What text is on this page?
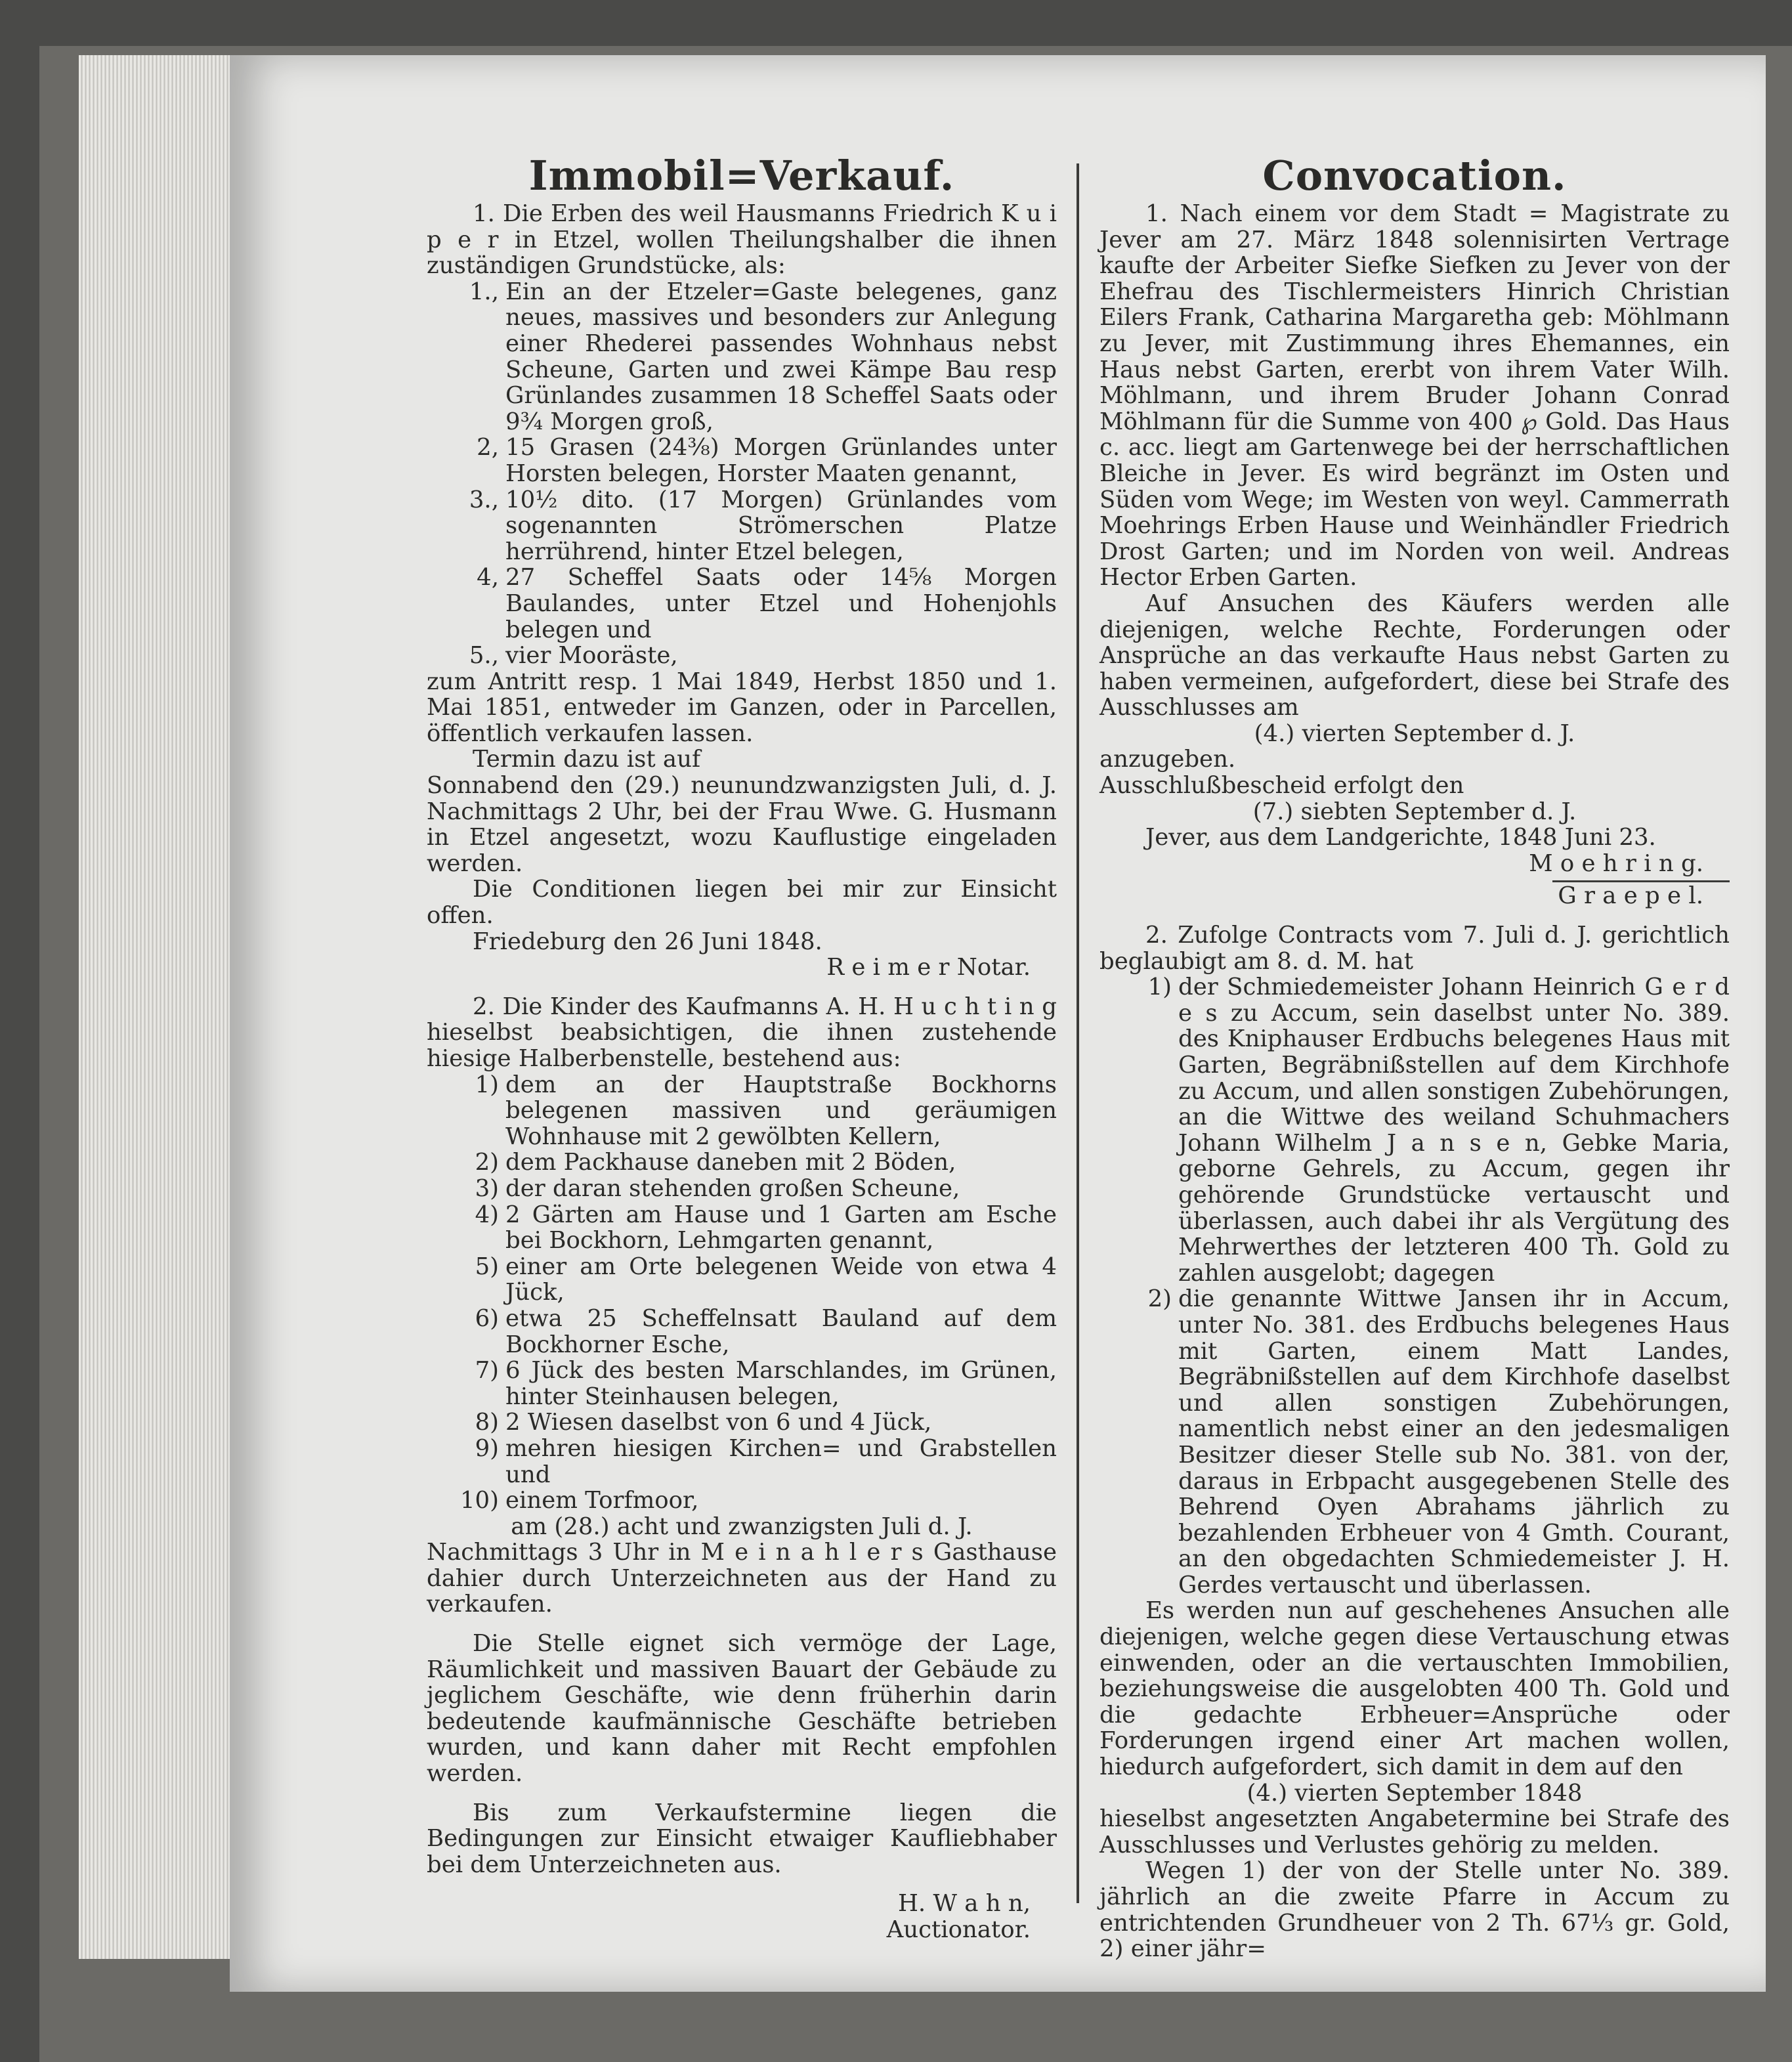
Immobil=Verkauf.

1. Die Erben des weil Hausmanns Friedrich K u i p e r in Etzel, wollen Theilungshalber die ihnen zuständigen Grundstücke, als:

1., Ein an der Etzeler=Gaste belegenes, ganz neues, massives und besonders zur Anlegung einer Rhederei passendes Wohnhaus nebst Scheune, Garten und zwei Kämpe Bau resp Grünlandes zusammen 18 Scheffel Saats oder 9¾ Morgen groß,
2, 15 Grasen (24⅜) Morgen Grünlandes unter Horsten belegen, Horster Maaten genannt,
3., 10½ dito. (17 Morgen) Grünlandes vom sogenannten Strömerschen Platze herrührend, hinter Etzel belegen,
4, 27 Scheffel Saats oder 14⅝ Morgen Baulandes, unter Etzel und Hohenjohls belegen und
5., vier Mooräste,

zum Antritt resp. 1 Mai 1849, Herbst 1850 und 1. Mai 1851, entweder im Ganzen, oder in Parcellen, öffentlich verkaufen lassen.

Termin dazu ist auf

Sonnabend den (29.) neunundzwanzigsten Juli, d. J. Nachmittags 2 Uhr, bei der Frau Wwe. G. Husmann in Etzel angesetzt, wozu Kauflustige eingeladen werden.

Die Conditionen liegen bei mir zur Einsicht offen.

Friedeburg den 26 Juni 1848.

R e i m e r Notar.

2. Die Kinder des Kaufmanns A. H. H u c h t i n g hieselbst beabsichtigen, die ihnen zustehende hiesige Halberbenstelle, bestehend aus:

1) dem an der Hauptstraße Bockhorns belegenen massiven und geräumigen Wohnhause mit 2 gewölbten Kellern,
2) dem Packhause daneben mit 2 Böden,
3) der daran stehenden großen Scheune,
4) 2 Gärten am Hause und 1 Garten am Esche bei Bockhorn, Lehmgarten genannt,
5) einer am Orte belegenen Weide von etwa 4 Jück,
6) etwa 25 Scheffelnsatt Bauland auf dem Bockhorner Esche,
7) 6 Jück des besten Marschlandes, im Grünen, hinter Steinhausen belegen,
8) 2 Wiesen daselbst von 6 und 4 Jück,
9) mehren hiesigen Kirchen= und Grabstellen und
10) einem Torfmoor,

am (28.) acht und zwanzigsten Juli d. J.

Nachmittags 3 Uhr in M e i n a h l e r s Gasthause dahier durch Unterzeichneten aus der Hand zu verkaufen.

Die Stelle eignet sich vermöge der Lage, Räumlichkeit und massiven Bauart der Gebäude zu jeglichem Geschäfte, wie denn früherhin darin bedeutende kaufmännische Geschäfte betrieben wurden, und kann daher mit Recht empfohlen werden.

Bis zum Verkaufstermine liegen die Bedingungen zur Einsicht etwaiger Kaufliebhaber bei dem Unterzeichneten aus.

H. W a h n,

Auctionator.

Convocation.

1. Nach einem vor dem Stadt = Magistrate zu Jever am 27. März 1848 solennisirten Vertrage kaufte der Arbeiter Siefke Siefken zu Jever von der Ehefrau des Tischlermeisters Hinrich Christian Eilers Frank, Catharina Margaretha geb: Möhlmann zu Jever, mit Zustimmung ihres Ehemannes, ein Haus nebst Garten, ererbt von ihrem Vater Wilh. Möhlmann, und ihrem Bruder Johann Conrad Möhlmann für die Summe von 400 ℘ Gold. Das Haus c. acc. liegt am Gartenwege bei der herrschaftlichen Bleiche in Jever. Es wird begränzt im Osten und Süden vom Wege; im Westen von weyl. Cammerrath Moehrings Erben Hause und Weinhändler Friedrich Drost Garten; und im Norden von weil. Andreas Hector Erben Garten.

Auf Ansuchen des Käufers werden alle diejenigen, welche Rechte, Forderungen oder Ansprüche an das verkaufte Haus nebst Garten zu haben vermeinen, aufgefordert, diese bei Strafe des Ausschlusses am

(4.) vierten September d. J.

anzugeben.

Ausschlußbescheid erfolgt den

(7.) siebten September d. J.

Jever, aus dem Landgerichte, 1848 Juni 23.

M o e h r i n g.

G r a e p e l.

2. Zufolge Contracts vom 7. Juli d. J. gerichtlich beglaubigt am 8. d. M. hat

1) der Schmiedemeister Johann Heinrich G e r d e s zu Accum, sein daselbst unter No. 389. des Kniphauser Erdbuchs belegenes Haus mit Garten, Begräbnißstellen auf dem Kirchhofe zu Accum, und allen sonstigen Zubehörungen, an die Wittwe des weiland Schuhmachers Johann Wilhelm J a n s e n, Gebke Maria, geborne Gehrels, zu Accum, gegen ihr gehörende Grundstücke vertauscht und überlassen, auch dabei ihr als Vergütung des Mehrwerthes der letzteren 400 Th. Gold zu zahlen ausgelobt; dagegen
2) die genannte Wittwe Jansen ihr in Accum, unter No. 381. des Erdbuchs belegenes Haus mit Garten, einem Matt Landes, Begräbnißstellen auf dem Kirchhofe daselbst und allen sonstigen Zubehörungen, namentlich nebst einer an den jedesmaligen Besitzer dieser Stelle sub No. 381. von der, daraus in Erbpacht ausgegebenen Stelle des Behrend Oyen Abrahams jährlich zu bezahlenden Erbheuer von 4 Gmth. Courant, an den obgedachten Schmiedemeister J. H. Gerdes vertauscht und überlassen.

Es werden nun auf geschehenes Ansuchen alle diejenigen, welche gegen diese Vertauschung etwas einwenden, oder an die vertauschten Immobilien, beziehungsweise die ausgelobten 400 Th. Gold und die gedachte Erbheuer=Ansprüche oder Forderungen irgend einer Art machen wollen, hiedurch aufgefordert, sich damit in dem auf den

(4.) vierten September 1848

hieselbst angesetzten Angabetermine bei Strafe des Ausschlusses und Verlustes gehörig zu melden.

Wegen 1) der von der Stelle unter No. 389. jährlich an die zweite Pfarre in Accum zu entrichtenden Grundheuer von 2 Th. 67⅓ gr. Gold, 2) einer jähr=
